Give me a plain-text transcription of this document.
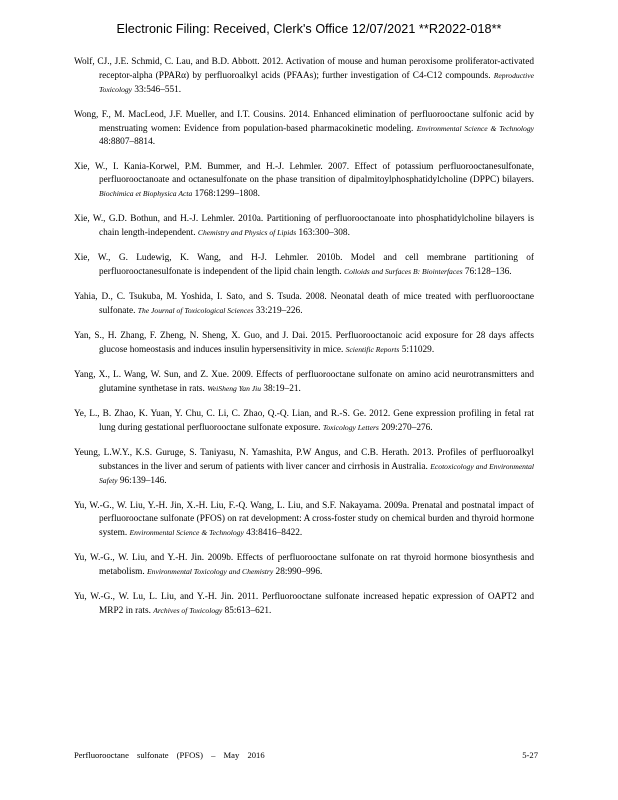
Electronic Filing: Received, Clerk's Office 12/07/2021 **R2022-018**

Wolf, CJ., J.E. Schmid, C. Lau, and B.D. Abbott. 2012. Activation of mouse and human peroxisome proliferator-activated receptor-alpha (PPARα) by perfluoroalkyl acids (PFAAs); further investigation of C4-C12 compounds. Reproductive Toxicology 33:546–551.

Wong, F., M. MacLeod, J.F. Mueller, and I.T. Cousins. 2014. Enhanced elimination of perfluorooctane sulfonic acid by menstruating women: Evidence from population-based pharmacokinetic modeling. Environmental Science & Technology 48:8807–8814.

Xie, W., I. Kania-Korwel, P.M. Bummer, and H.-J. Lehmler. 2007. Effect of potassium perfluorooctanesulfonate, perfluorooctanoate and octanesulfonate on the phase transition of dipalmitoylphosphatidylcholine (DPPC) bilayers. Biochimica et Biophysica Acta 1768:1299–1808.

Xie, W., G.D. Bothun, and H.-J. Lehmler. 2010a. Partitioning of perfluorooctanoate into phosphatidylcholine bilayers is chain length-independent. Chemistry and Physics of Lipids 163:300–308.

Xie, W., G. Ludewig, K. Wang, and H-J. Lehmler. 2010b. Model and cell membrane partitioning of perfluorooctanesulfonate is independent of the lipid chain length. Colloids and Surfaces B: Biointerfaces 76:128–136.

Yahia, D., C. Tsukuba, M. Yoshida, I. Sato, and S. Tsuda. 2008. Neonatal death of mice treated with perfluorooctane sulfonate. The Journal of Toxicological Sciences 33:219–226.

Yan, S., H. Zhang, F. Zheng, N. Sheng, X. Guo, and J. Dai. 2015. Perfluorooctanoic acid exposure for 28 days affects glucose homeostasis and induces insulin hypersensitivity in mice. Scientific Reports 5:11029.

Yang, X., L. Wang, W. Sun, and Z. Xue. 2009. Effects of perfluorooctane sulfonate on amino acid neurotransmitters and glutamine synthetase in rats. WeiSheng Yan Jiu 38:19–21.

Ye, L., B. Zhao, K. Yuan, Y. Chu, C. Li, C. Zhao, Q.-Q. Lian, and R.-S. Ge. 2012. Gene expression profiling in fetal rat lung during gestational perfluorooctane sulfonate exposure. Toxicology Letters 209:270–276.

Yeung, L.W.Y., K.S. Guruge, S. Taniyasu, N. Yamashita, P.W Angus, and C.B. Herath. 2013. Profiles of perfluoroalkyl substances in the liver and serum of patients with liver cancer and cirrhosis in Australia. Ecotoxicology and Environmental Safety 96:139–146.

Yu, W.-G., W. Liu, Y.-H. Jin, X.-H. Liu, F.-Q. Wang, L. Liu, and S.F. Nakayama. 2009a. Prenatal and postnatal impact of perfluorooctane sulfonate (PFOS) on rat development: A cross-foster study on chemical burden and thyroid hormone system. Environmental Science & Technology 43:8416–8422.

Yu, W.-G., W. Liu, and Y.-H. Jin. 2009b. Effects of perfluorooctane sulfonate on rat thyroid hormone biosynthesis and metabolism. Environmental Toxicology and Chemistry 28:990–996.

Yu, W.-G., W. Lu, L. Liu, and Y.-H. Jin. 2011. Perfluorooctane sulfonate increased hepatic expression of OAPT2 and MRP2 in rats. Archives of Toxicology 85:613–621.

Perfluorooctane sulfonate (PFOS) – May 2016	5-27
